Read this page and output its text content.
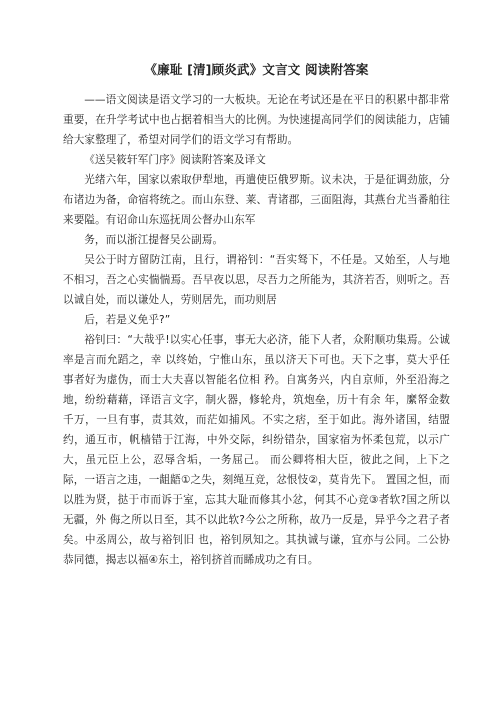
《廉耻 [清]顾炎武》文言文 阅读附答案

——语文阅读是语文学习的一大板块。无论在考试还是在平日的积累中都非常重要，在升学考试中也占据着相当大的比例。为快速提高同学们的阅读能力，店铺给大家整理了，希望对同学们的语文学习有帮助。

《送吴筱轩军门序》阅读附答案及译文

光绪六年，国家以索取伊犁地，再遣使臣俄罗斯。议未决，于是征调劲旅，分布诸边为备，命宿将统之。而山东登、莱、青诸郡，三面阻海，其燕台尤当番舶往来要隘。有诏命山东巡抚周公督办山东军

务，而以浙江提督吴公副焉。

吴公于时方留防江南，且行，谓裕钊：“吾实驽下，不任是。又始至，人与地不相习，吾之心实惴惴焉。吾早夜以思，尽吾力之所能为，其济若否，则听之。吾以诚自处，而以谦处人，劳则居先，而功则居

后，若是义免乎?”

裕钊曰：“大哉乎!以实心任事，事无大必济，能下人者，众附顺功集焉。公诚率是言而允蹈之，幸 以终始，宁惟山东，虽以济天下可也。天下之事，莫大乎任事者好为虚伪，而士大夫喜以智能名位相 矜。自寓务兴，内自京师，外至沿海之地，纷纷藉藉，译语言文字，制火器，修轮舟，筑炮垒，历十有余 年，縻帑金数千万，一旦有事，责其效，而茫如捕风。不实之痞，至于如此。海外诸国，结盟约，通互市，帆樯错于江海，中外交际，纠纷错杂，国家宿为怀柔包荒，以示广大，虽元臣上公，忍辱含垢，一务屈己。 而公卿将相大臣，彼此之间，上下之际，一语言之违，一龃龉①之失，刻绳互竞，忿恨忮②，莫肯先下。 置国之怛，而以胜为贤，挞于市而诉于室，忘其大耻而修其小忿，何其不心竞③者软?国之所以无疆，外 侮之所以日至，其不以此软?今公之所称，故乃一反是，异乎今之君子者矣。中丞周公，故与裕钊旧 也，裕钊夙知之。其执诚与谦，宜亦与公同。二公协恭同德，揭志以福④东土，裕钊挤首而睎成功之有日。
